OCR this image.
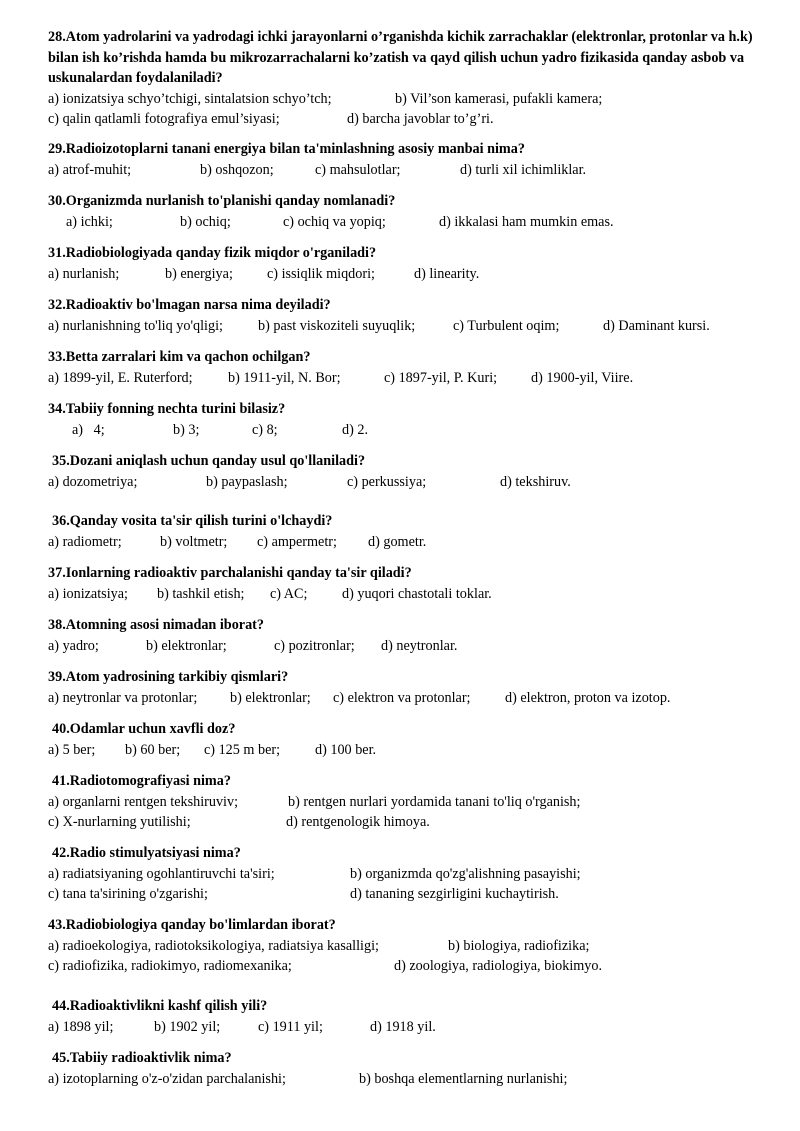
28.Atom yadrolarini va yadrodagi ichki jarayonlarni o’rganishda kichik zarrachaklar (elektronlar, protonlar va h.k) bilan ish ko’rishda hamda bu mikrozarrachalarni ko’zatish va qayd qilish uchun yadro fizikasida qanday asbob va uskunalardan foydalaniladi?
a) ionizatsiya schyo’tchigi, sintalatsion schyo’tch;	b) Vil’son kamerasi, pufakli kamera;
c) qalin qatlamli fotografiya emul’siyasi;	d) barcha javoblar to’g’ri.
29.Radioizotoplarni tanani energiya bilan ta'minlashning asosiy manbai nima?
a) atrof-muhit;	b) oshqozon;	c) mahsulotlar;	d) turli xil ichimliklar.
30.Organizmda nurlanish to'planishi qanday nomlanadi?
a) ichki;	b) ochiq;	c) ochiq va yopiq;	d) ikkalasi ham mumkin emas.
31.Radiobiologiyada qanday fizik miqdor o'rganiladi?
a) nurlanish;	b) energiya; c) issiqlik miqdori;	d) linearity.
32.Radioaktiv bo'lmagan narsa nima deyiladi?
a) nurlanishning to'liq yo'qligi; b) past viskoziteli suyuqlik;	c) Turbulent oqim;	d) Daminant kursi.
33.Betta zarralari kim va qachon ochilgan?
a) 1899-yil, E. Ruterford; b) 1911-yil, N. Bor;	c) 1897-yil, P. Kuri; d) 1900-yil, Viire.
34.Tabiiy fonning nechta turini bilasiz?
a)   4;	b) 3;	c) 8;	d) 2.
35.Dozani aniqlash uchun qanday usul qo'llaniladi?
a) dozometriya;	b) paypaslash;	c) perkussiya;	d) tekshiruv.
36.Qanday vosita ta'sir qilish turini o'lchaydi?
a) radiometr;	b) voltmetr; c) ampermetr; d) gometr.
37.Ionlarning radioaktiv parchalanishi qanday ta'sir qiladi?
a) ionizatsiya; b) tashkil etish; c) AC; d) yuqori chastotali toklar.
38.Atomning asosi nimadan iborat?
a) yadro;	b) elektronlar;	c) pozitronlar; d) neytronlar.
39.Atom yadrosining tarkibiy qismlari?
a) neytronlar va protonlar; b) elektronlar; c) elektron va protonlar; d) elektron, proton va izotop.
40.Odamlar uchun xavfli doz?
a) 5 ber; b) 60 ber; c) 125 m ber; d) 100 ber.
41.Radiotomografiyasi nima?
a) organlarni rentgen tekshiruviv;	b) rentgen nurlari yordamida tanani to'liq o'rganish;
c) X-nurlarning yutilishi;	d) rentgenologik himoya.
42.Radio stimulyatsiyasi nima?
a) radiatsiyaning ogohlantiruvchi ta'siri;	b) organizmda qo'zg'alishning pasayishi;
c) tana ta'sirining o'zgarishi;	d) tananing sezgirligini kuchaytirish.
43.Radiobiologiya qanday bo'limlardan iborat?
a) radioekologiya, radiotoksikologiya, radiatsiya kasalligi;	b) biologiya, radiofizika;
c) radiofizika, radiokimyo, radiomexanika;	d) zoologiya, radiologiya, biokimyo.
44.Radioaktivlikni kashf qilish yili?
a) 1898 yil;	b) 1902 yil;	c) 1911 yil;	d) 1918 yil.
45.Tabiiy radioaktivlik nima?
a) izotoplarning o'z-o'zidan parchalanishi;	b) boshqa elementlarning nurlanishi;
